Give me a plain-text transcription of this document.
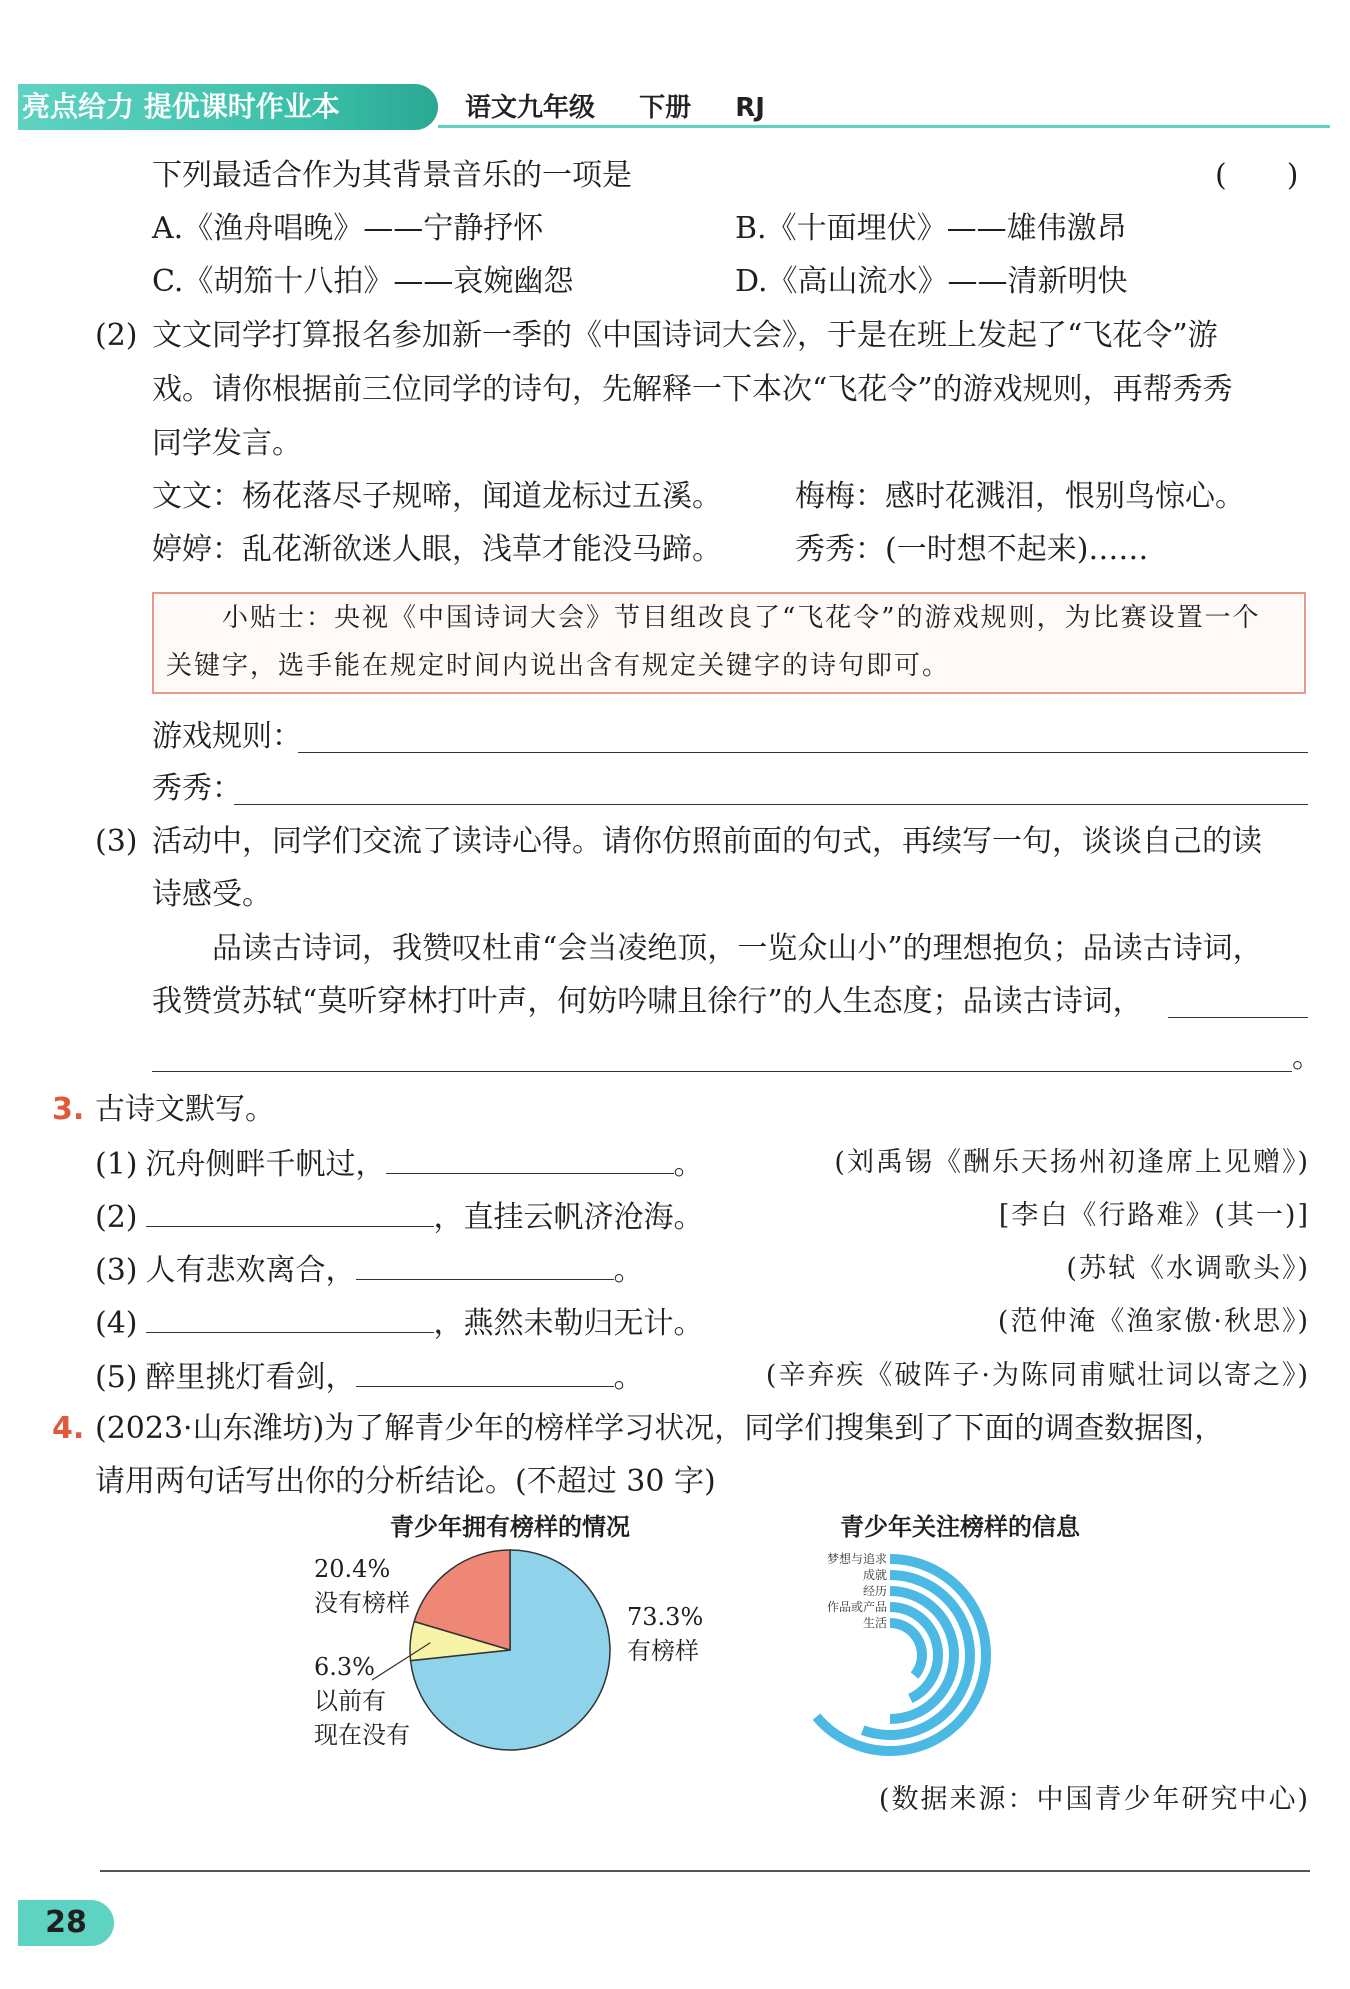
亮点给力 提优课时作业本	语文九年级 下册 RJ
下列最适合作为其背景音乐的一项是	(　　)
A.《渔舟唱晚》——宁静抒怀	B.《十面埋伏》——雄伟激昂
C.《胡笳十八拍》——哀婉幽怨	D.《高山流水》——清新明快
(2) 文文同学打算报名参加新一季的《中国诗词大会》，于是在班上发起了“飞花令”游
戏。请你根据前三位同学的诗句，先解释一下本次“飞花令”的游戏规则，再帮秀秀
同学发言。
文文：杨花落尽子规啼，闻道龙标过五溪。 梅梅：感时花溅泪，恨别鸟惊心。
婷婷：乱花渐欲迷人眼，浅草才能没马蹄。 秀秀：(一时想不起来)……
小贴士：央视《中国诗词大会》节目组改良了“飞花令”的游戏规则，为比赛设置一个
关键字，选手能在规定时间内说出含有规定关键字的诗句即可。
游戏规则：
秀秀：
(3) 活动中，同学们交流了读诗心得。请你仿照前面的句式，再续写一句，谈谈自己的读
诗感受。
品读古诗词，我赞叹杜甫“会当凌绝顶，一览众山小”的理想抱负；品读古诗词，
我赞赏苏轼“莫听穿林打叶声，何妨吟啸且徐行”的人生态度；品读古诗词，
。
3. 古诗文默写。
(1) 沉舟侧畔千帆过，	。	(刘禹锡《酬乐天扬州初逢席上见赠》)
(2)	，直挂云帆济沧海。	[李白《行路难》(其一)]
(3) 人有悲欢离合，	。	(苏轼《水调歌头》)
(4)	，燕然未勒归无计。	(范仲淹《渔家傲·秋思》)
(5) 醉里挑灯看剑，	。	(辛弃疾《破阵子·为陈同甫赋壮词以寄之》)
4. (2023·山东潍坊)为了解青少年的榜样学习状况，同学们搜集到了下面的调查数据图，
请用两句话写出你的分析结论。(不超过 30 字)
青少年拥有榜样的情况
20.4%
没有榜样	73.3%
有榜样
6.3%
以前有
现在没有
青少年关注榜样的信息
梦想与追求
成就
经历
作品或产品
生活
(数据来源：中国青少年研究中心)
28
